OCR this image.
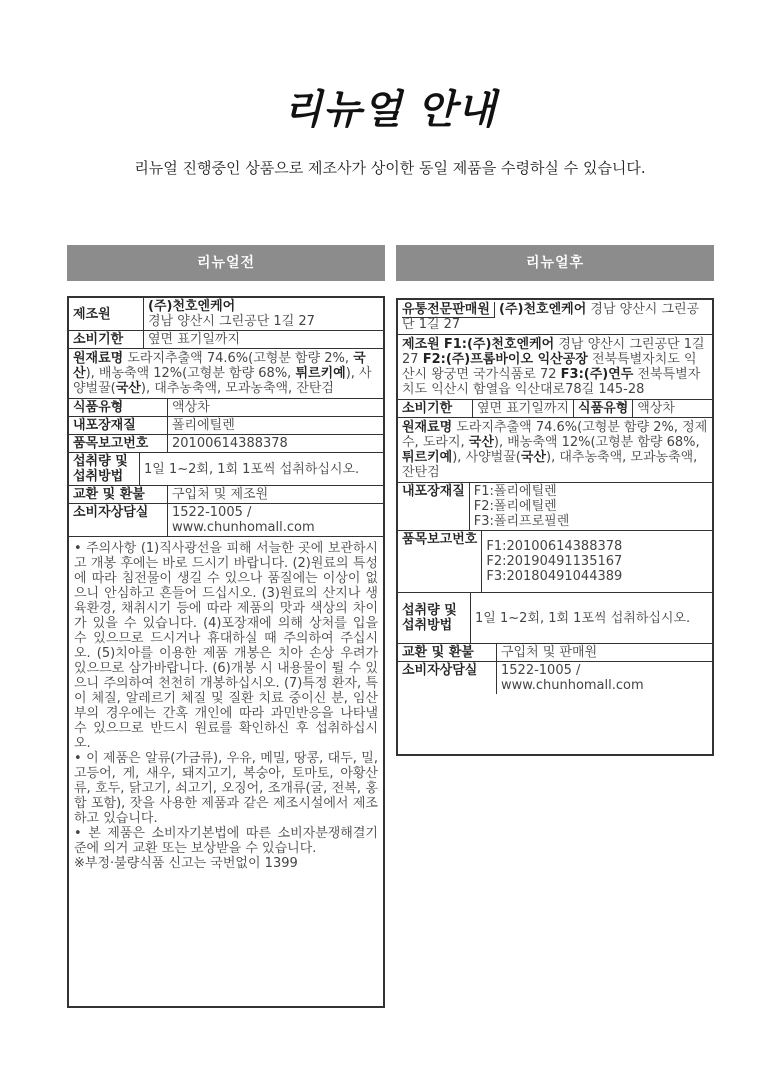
리뉴얼 안내

리뉴얼 진행중인 상품으로 제조사가 상이한 동일 제품을 수령하실 수 있습니다.

리뉴얼전	리뉴얼후
제조원	(주)천호엔케어
경남 양산시 그린공단 1길 27
소비기한	옆면 표기일까지
원재료명 도라지추출액 74.6%(고형분 함량 2%, 국산), 배농축액 12%(고형분 함량 68%, 튀르키예), 사양벌꿀(국산), 대추농축액, 모과농축액, 잔탄검
식품유형	액상차
내포장재질	폴리에틸렌
품목보고번호	20100614388378
섭취량 및 섭취방법	1일 1~2회, 1회 1포씩 섭취하십시오.
교환 및 환불	구입처 및 제조원
소비자상담실	1522-1005 /
www.chunhomall.com

• 주의사항 (1)직사광선을 피해 서늘한 곳에 보관하시고 개봉 후에는 바로 드시기 바랍니다. (2)원료의 특성에 따라 침전물이 생길 수 있으나 품질에는 이상이 없으니 안심하고 흔들어 드십시오. (3)원료의 산지나 생육환경, 채취시기 등에 따라 제품의 맛과 색상의 차이가 있을 수 있습니다. (4)포장재에 의해 상처를 입을 수 있으므로 드시거나 휴대하실 때 주의하여 주십시오. (5)치아를 이용한 제품 개봉은 치아 손상 우려가 있으므로 삼가바랍니다. (6)개봉 시 내용물이 튈 수 있으니 주의하여 천천히 개봉하십시오. (7)특정 환자, 특이 체질, 알레르기 체질 및 질환 치료 중이신 분, 임산부의 경우에는 간혹 개인에 따라 과민반응을 나타낼 수 있으므로 반드시 원료를 확인하신 후 섭취하십시오.

• 이 제품은 알류(가금류), 우유, 메밀, 땅콩, 대두, 밀, 고등어, 게, 새우, 돼지고기, 복숭아, 토마토, 아황산류, 호두, 닭고기, 쇠고기, 오징어, 조개류(굴, 전복, 홍합 포함), 잣을 사용한 제품과 같은 제조시설에서 제조하고 있습니다.

• 본 제품은 소비자기본법에 따른 소비자분쟁해결기준에 의거 교환 또는 보상받을 수 있습니다.

※부정·불량식품 신고는 국번없이 1399

유통전문판매원 (주)천호엔케어 경남 양산시 그린공단 1길 27
제조원 F1:(주)천호엔케어 경남 양산시 그린공단 1길 27 F2:(주)프롬바이오 익산공장 전북특별자치도 익산시 왕궁면 국가식품로 72 F3:(주)연두 전북특별자치도 익산시 함열읍 익산대로78길 145-28
소비기한	옆면 표기일까지 식품유형 액상차
원재료명 도라지추출액 74.6%(고형분 함량 2%, 정제수, 도라지, 국산), 배농축액 12%(고형분 함량 68%, 튀르키예), 사양벌꿀(국산), 대추농축액, 모과농축액, 잔탄검
내포장재질 F1:폴리에틸렌
F2:폴리에틸렌
F3:폴리프로필렌
품목보고번호 F1:20100614388378
F2:20190491135167
F3:20180491044389
섭취량 및 섭취방법	1일 1~2회, 1회 1포씩 섭취하십시오.
교환 및 환불	구입처 및 판매원
소비자상담실	1522-1005 /
www.chunhomall.com
